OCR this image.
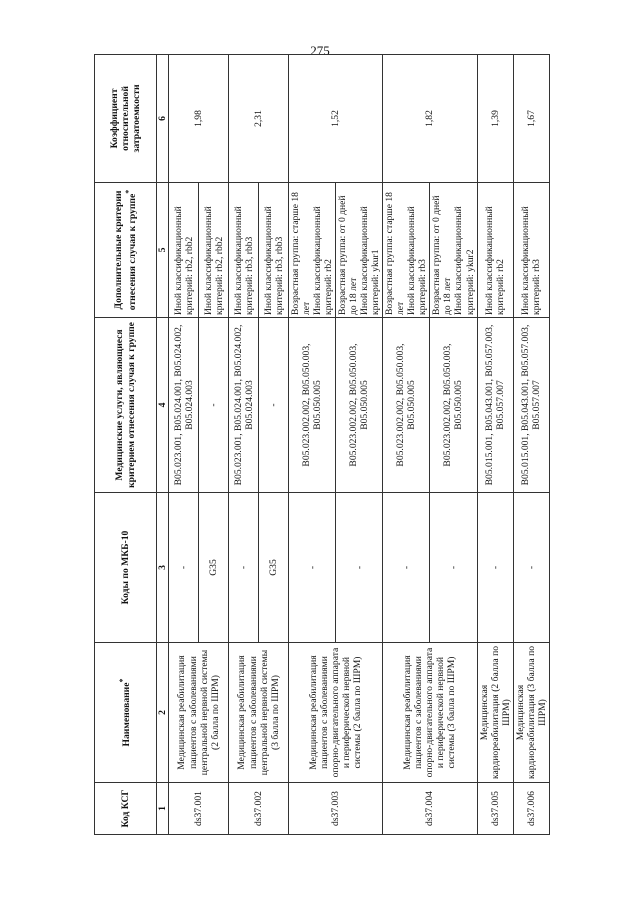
275
Код КСГ	Наименование*	Коды по МКБ-10	Медицинские услуги, являющиеся критерием отнесения случая к группе	Дополнительные критерии отнесения случая к группе*	Коэффициент относительной затратоемкости
1	2	3	4	5	6
ds37.001	Медицинская реабилитация пациентов с заболеваниями центральной нервной системы (2 балла по ШРМ)	-	B05.023.001, B05.024.001, B05.024.002, B05.024.003	Иной классификационный критерий: rb2, rbb2	1,98
		G35	-	Иной классификационный критерий: rb2, rbb2	

ds37.002	Медицинская реабилитация пациентов с заболеваниями центральной нервной системы (3 балла по ШРМ)	-	B05.023.001, B05.024.001, B05.024.002, B05.024.003	Иной классификационный критерий: rb3, rbb3	2,31
		G35	-	Иной классификационный критерий: rb3, rbb3	

ds37.003	Медицинская реабилитация пациентов с заболеваниями опорно-двигательного аппарата и периферической нервной системы (2 балла по ШРМ)	-	B05.023.002.002, B05.050.003, B05.050.005	Возрастная группа: старше 18 лет Иной классификационный критерий: rb2	1,52
		-	B05.023.002.002, B05.050.003, B05.050.005	Возрастная группа: от 0 дней до 18 лет Иной классификационный критерий: ykur1	

ds37.004	Медицинская реабилитация пациентов с заболеваниями опорно-двигательного аппарата и периферической нервной системы (3 балла по ШРМ)	-	B05.023.002.002, B05.050.003, B05.050.005	Возрастная группа: старше 18 лет Иной классификационный критерий: rb3	1,82
		-	B05.023.002.002, B05.050.003, B05.050.005	Возрастная группа: от 0 дней до 18 лет Иной классификационный критерий: ykur2	

ds37.005	Медицинская кардиореабилитация (2 балла по ШРМ)	-	B05.015.001, B05.043.001, B05.057.003, B05.057.007	Иной классификационный критерий: rb2	1,39
ds37.006	Медицинская кардиореабилитация (3 балла по ШРМ)	-	B05.015.001, B05.043.001, B05.057.003, B05.057.007	Иной классификационный критерий: rb3	1,67
